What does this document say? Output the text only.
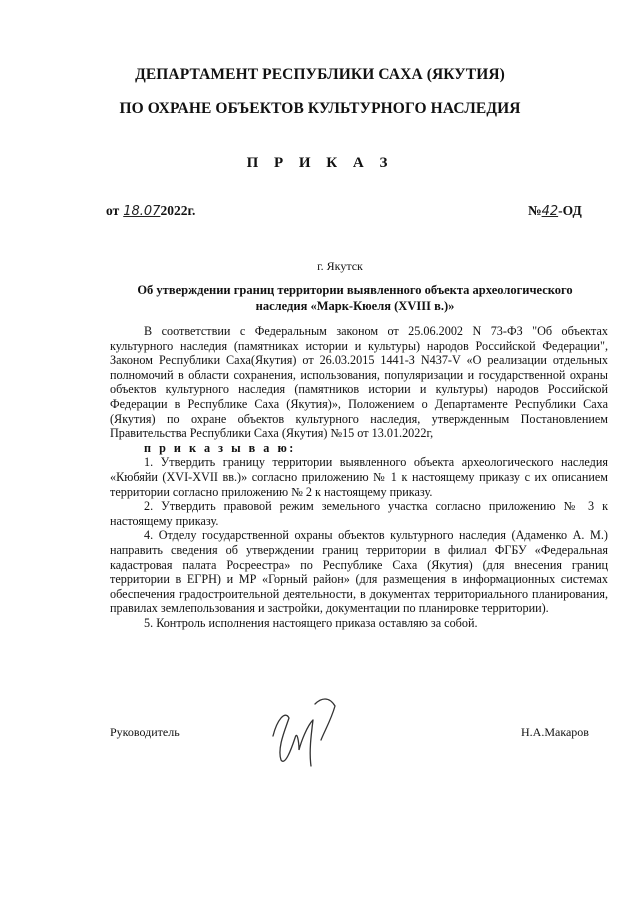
ДЕПАРТАМЕНТ РЕСПУБЛИКИ САХА (ЯКУТИЯ)
ПО ОХРАНЕ ОБЪЕКТОВ КУЛЬТУРНОГО НАСЛЕДИЯ
П Р И К А З
от 18.072022г.	№42-ОД
г. Якутск
Об утверждении границ территории выявленного объекта археологического наследия «Марк-Кюеля (XVIII в.)»

В соответствии с Федеральным законом от 25.06.2002 N 73-ФЗ "Об объектах культурного наследия (памятниках истории и культуры) народов Российской Федерации", Законом Республики Саха(Якутия) от 26.03.2015 1441-З N437-V «О реализации отдельных полномочий в области сохранения, использования, популяризации и государственной охраны объектов культурного наследия (памятников истории и культуры) народов Российской Федерации в Республике Саха (Якутия)», Положением о Департаменте Республики Саха (Якутия) по охране объектов культурного наследия, утвержденным Постановлением Правительства Республики Саха (Якутия) №15 от 13.01.2022г,

п р и к а з ы в а ю:

1. Утвердить границу территории выявленного объекта археологического наследия «Кюбяйи (XVI-XVII вв.)» согласно приложению № 1 к настоящему приказу с их описанием территории согласно приложению № 2 к настоящему приказу.

2. Утвердить правовой режим земельного участка согласно приложению № 3 к настоящему приказу.

4. Отделу государственной охраны объектов культурного наследия (Адаменко А. М.) направить сведения об утверждении границ территории в филиал ФГБУ «Федеральная кадастровая палата Росреестра» по Республике Саха (Якутия) (для внесения границ территории в ЕГРН) и МР «Горный район» (для размещения в информационных системах обеспечения градостроительной деятельности, в документах территориального планирования, правилах землепользования и застройки, документации по планировке территории).

5. Контроль исполнения настоящего приказа оставляю за собой.

Руководитель	Н.А.Макаров
